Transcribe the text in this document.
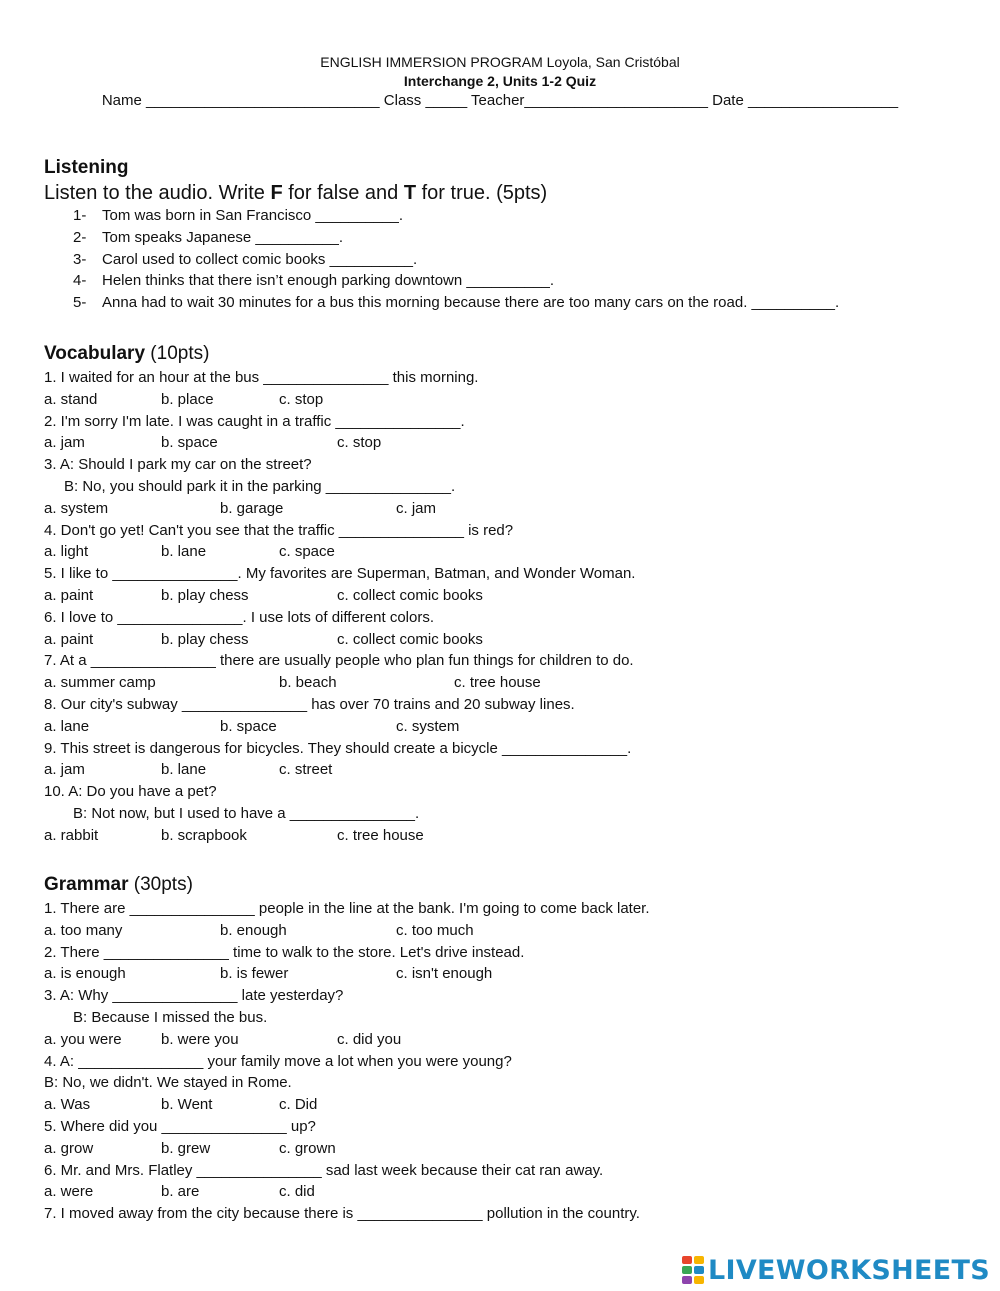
ENGLISH IMMERSION PROGRAM Loyola, San Cristóbal
Interchange 2, Units 1-2 Quiz
Name ____________________________ Class _____ Teacher______________________ Date __________________
Listening
Listen to the audio. Write F for false and T for true. (5pts)
1- Tom was born in San Francisco __________.
2- Tom speaks Japanese __________.
3- Carol used to collect comic books __________.
4- Helen thinks that there isn’t enough parking downtown __________.
5- Anna had to wait 30 minutes for a bus this morning because there are too many cars on the road. __________.
Vocabulary (10pts)
1. I waited for an hour at the bus _______________ this morning.
a. stand	b. place	c. stop
2. I'm sorry I'm late. I was caught in a traffic _______________.
a. jam	b. space	c. stop
3. A: Should I park my car on the street?
B: No, you should park it in the parking _______________.
a. system	b. garage	c. jam
4. Don't go yet! Can't you see that the traffic _______________ is red?
a. light	b. lane	c. space
5. I like to _______________. My favorites are Superman, Batman, and Wonder Woman.
a. paint	b. play chess	c. collect comic books
6. I love to _______________. I use lots of different colors.
a. paint	b. play chess	c. collect comic books
7. At a _______________ there are usually people who plan fun things for children to do.
a. summer camp	b. beach	c. tree house
8. Our city's subway _______________ has over 70 trains and 20 subway lines.
a. lane	b. space	c. system
9. This street is dangerous for bicycles. They should create a bicycle _______________.
a. jam	b. lane	c. street
10. A: Do you have a pet?
B: Not now, but I used to have a _______________.
a. rabbit	b. scrapbook	c. tree house
Grammar (30pts)
1. There are _______________ people in the line at the bank. I'm going to come back later.
a. too many	b. enough	c. too much
2. There _______________ time to walk to the store. Let's drive instead.
a. is enough	b. is fewer	c. isn't enough
3. A: Why _______________ late yesterday?
B: Because I missed the bus.
a. you were	b. were you	c. did you
4. A: _______________ your family move a lot when you were young?
B: No, we didn't. We stayed in Rome.
a. Was	b. Went	c. Did
5. Where did you _______________ up?
a. grow	b. grew	c. grown
6. Mr. and Mrs. Flatley _______________ sad last week because their cat ran away.
a. were	b. are	c. did
7. I moved away from the city because there is _______________ pollution in the country.
LIVEWORKSHEETS
